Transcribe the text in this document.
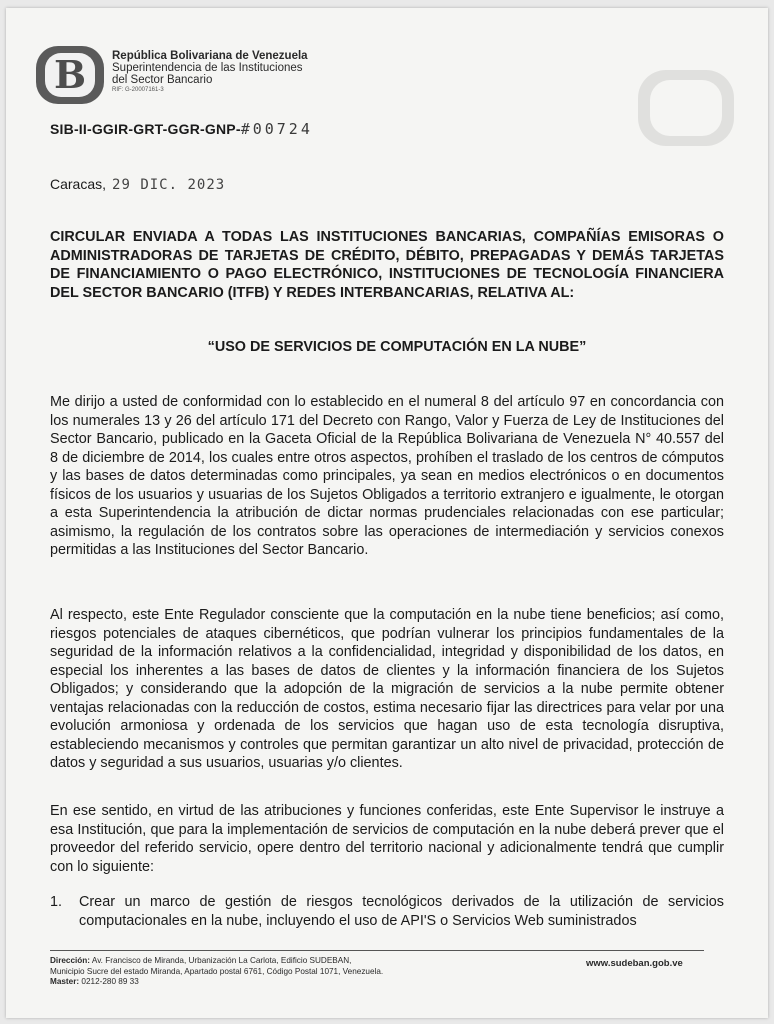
B República Bolivariana de Venezuela
Superintendencia de las Instituciones
del Sector Bancario
RIF: G-20007161-3
SIB-II-GGIR-GRT-GGR-GNP-#00724
Caracas, 29 DIC. 2023

CIRCULAR ENVIADA A TODAS LAS INSTITUCIONES BANCARIAS, COMPAÑÍAS EMISORAS O ADMINISTRADORAS DE TARJETAS DE CRÉDITO, DÉBITO, PREPAGADAS Y DEMÁS TARJETAS DE FINANCIAMIENTO O PAGO ELECTRÓNICO, INSTITUCIONES DE TECNOLOGÍA FINANCIERA DEL SECTOR BANCARIO (ITFB) Y REDES INTERBANCARIAS, RELATIVA AL:

“USO DE SERVICIOS DE COMPUTACIÓN EN LA NUBE”

Me dirijo a usted de conformidad con lo establecido en el numeral 8 del artículo 97 en concordancia con los numerales 13 y 26 del artículo 171 del Decreto con Rango, Valor y Fuerza de Ley de Instituciones del Sector Bancario, publicado en la Gaceta Oficial de la República Bolivariana de Venezuela N° 40.557 del 8 de diciembre de 2014, los cuales entre otros aspectos, prohíben el traslado de los centros de cómputos y las bases de datos determinadas como principales, ya sean en medios electrónicos o en documentos físicos de los usuarios y usuarias de los Sujetos Obligados a territorio extranjero e igualmente, le otorgan a esta Superintendencia la atribución de dictar normas prudenciales relacionadas con ese particular; asimismo, la regulación de los contratos sobre las operaciones de intermediación y servicios conexos permitidas a las Instituciones del Sector Bancario.

Al respecto, este Ente Regulador consciente que la computación en la nube tiene beneficios; así como, riesgos potenciales de ataques cibernéticos, que podrían vulnerar los principios fundamentales de la seguridad de la información relativos a la confidencialidad, integridad y disponibilidad de los datos, en especial los inherentes a las bases de datos de clientes y la información financiera de los Sujetos Obligados; y considerando que la adopción de la migración de servicios a la nube permite obtener ventajas relacionadas con la reducción de costos, estima necesario fijar las directrices para velar por una evolución armoniosa y ordenada de los servicios que hagan uso de esta tecnología disruptiva, estableciendo mecanismos y controles que permitan garantizar un alto nivel de privacidad, protección de datos y seguridad a sus usuarios, usuarias y/o clientes.

En ese sentido, en virtud de las atribuciones y funciones conferidas, este Ente Supervisor le instruye a esa Institución, que para la implementación de servicios de computación en la nube deberá prever que el proveedor del referido servicio, opere dentro del territorio nacional y adicionalmente tendrá que cumplir con lo siguiente:

1. Crear un marco de gestión de riesgos tecnológicos derivados de la utilización de servicios computacionales en la nube, incluyendo el uso de API'S o Servicios Web suministrados

Dirección: Av. Francisco de Miranda, Urbanización La Carlota, Edificio SUDEBAN,
Municipio Sucre del estado Miranda, Apartado postal 6761, Código Postal 1071, Venezuela.
Master: 0212-280 89 33
www.sudeban.gob.ve
